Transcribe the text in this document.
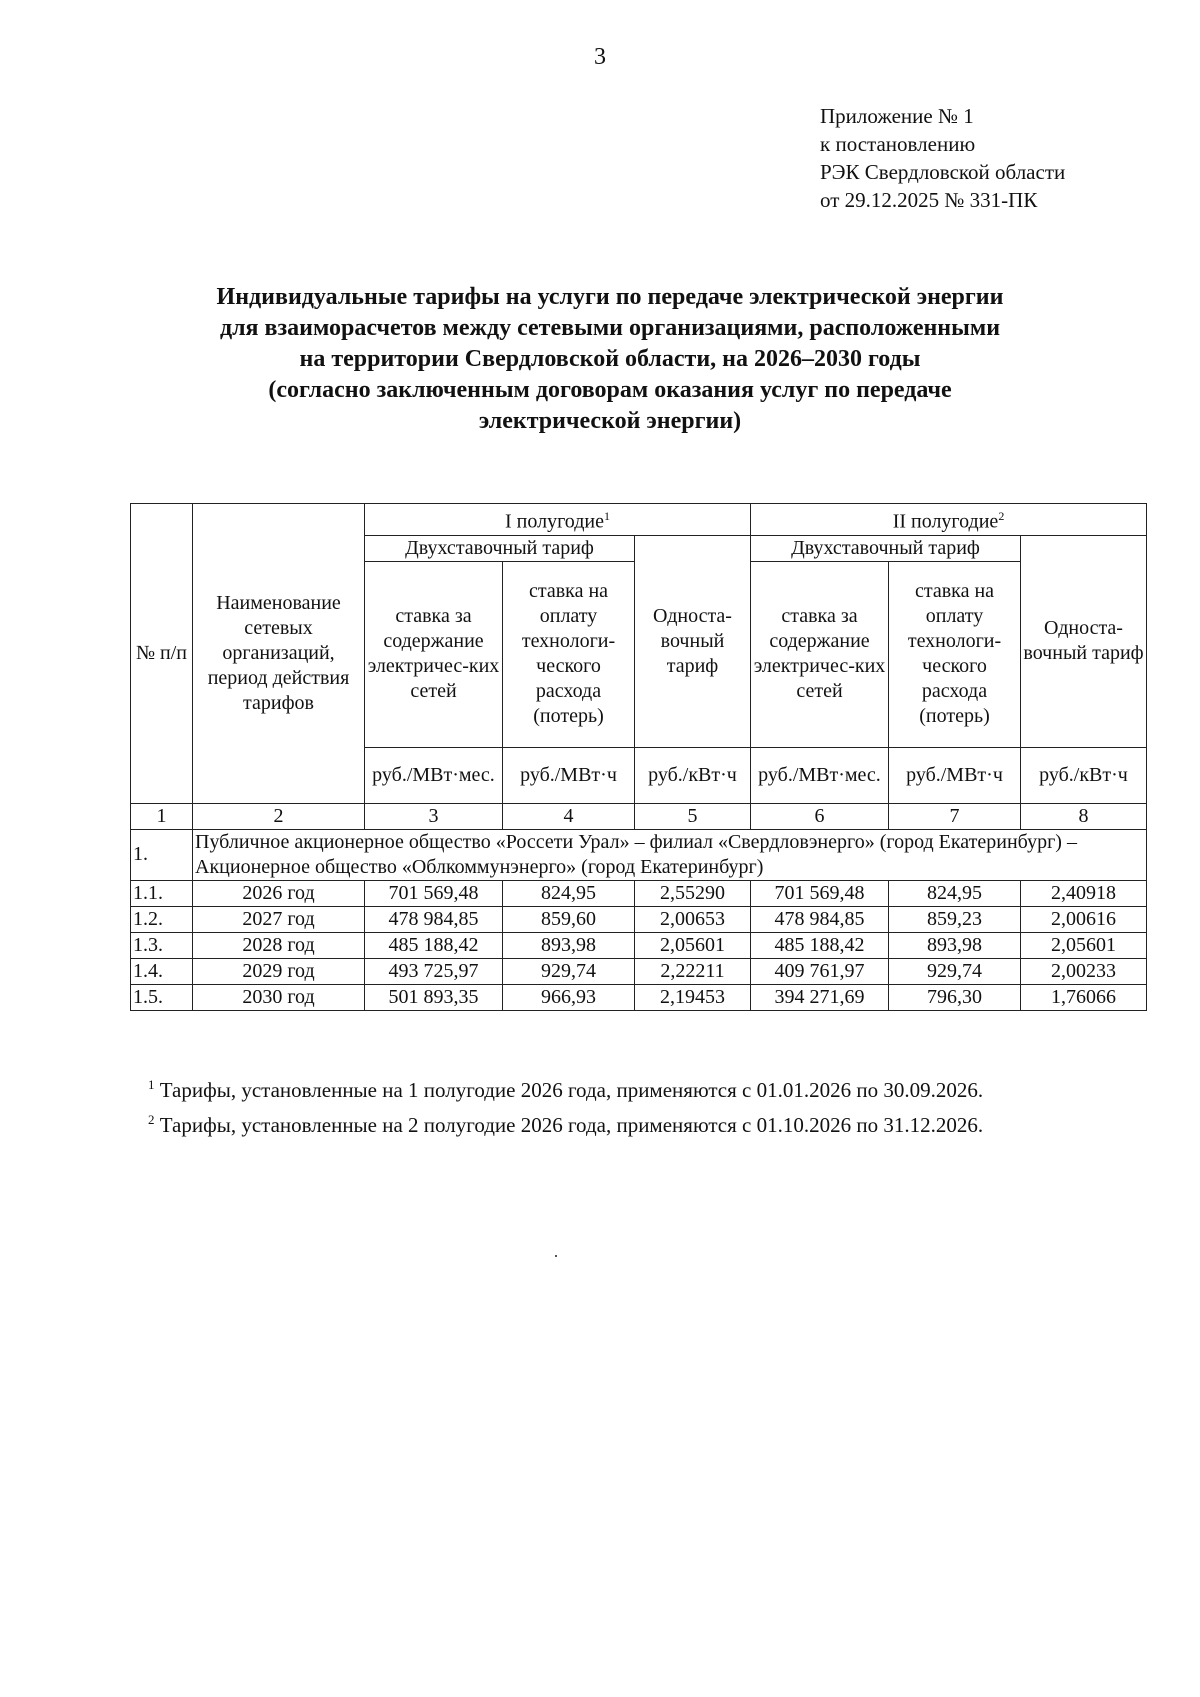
3
Приложение № 1
к постановлению
РЭК Свердловской области
от 29.12.2025 № 331-ПК
Индивидуальные тарифы на услуги по передаче электрической энергии
для взаиморасчетов между сетевыми организациями, расположенными
на территории Свердловской области, на 2026–2030 годы
(согласно заключенным договорам оказания услуг по передаче
электрической энергии)
№ п/п	Наименование сетевых организаций, период действия тарифов	I полугодие$^1$			II полугодие$^2$
		Двухставочный тариф		Односта-вочный тариф	Двухставочный тариф		Односта-вочный тариф
		ставка за содержание электричес-ких сетей	ставка на оплату технологи-ческого расхода (потерь)		ставка за содержание электричес-ких сетей	ставка на оплату технологи-ческого расхода (потерь)	
		руб./МВт·мес.	руб./МВт·ч	руб./кВт·ч	руб./МВт·мес.	руб./МВт·ч	руб./кВт·ч
1	2	3	4	5	6	7	8
1.	Публичное акционерное общество «Россети Урал» – филиал «Свердловэнерго» (город Екатеринбург) – Акционерное общество «Облкоммунэнерго» (город Екатеринбург)						
1.1.	2026 год	701 569,48	824,95	2,55290	701 569,48	824,95	2,40918
1.2.	2027 год	478 984,85	859,60	2,00653	478 984,85	859,23	2,00616
1.3.	2028 год	485 188,42	893,98	2,05601	485 188,42	893,98	2,05601
1.4.	2029 год	493 725,97	929,74	2,22211	409 761,97	929,74	2,00233
1.5.	2030 год	501 893,35	966,93	2,19453	394 271,69	796,30	1,76066
$^1$ Тарифы, установленные на 1 полугодие 2026 года, применяются с 01.01.2026 по 30.09.2026.
$^2$ Тарифы, установленные на 2 полугодие 2026 года, применяются с 01.10.2026 по 31.12.2026.
